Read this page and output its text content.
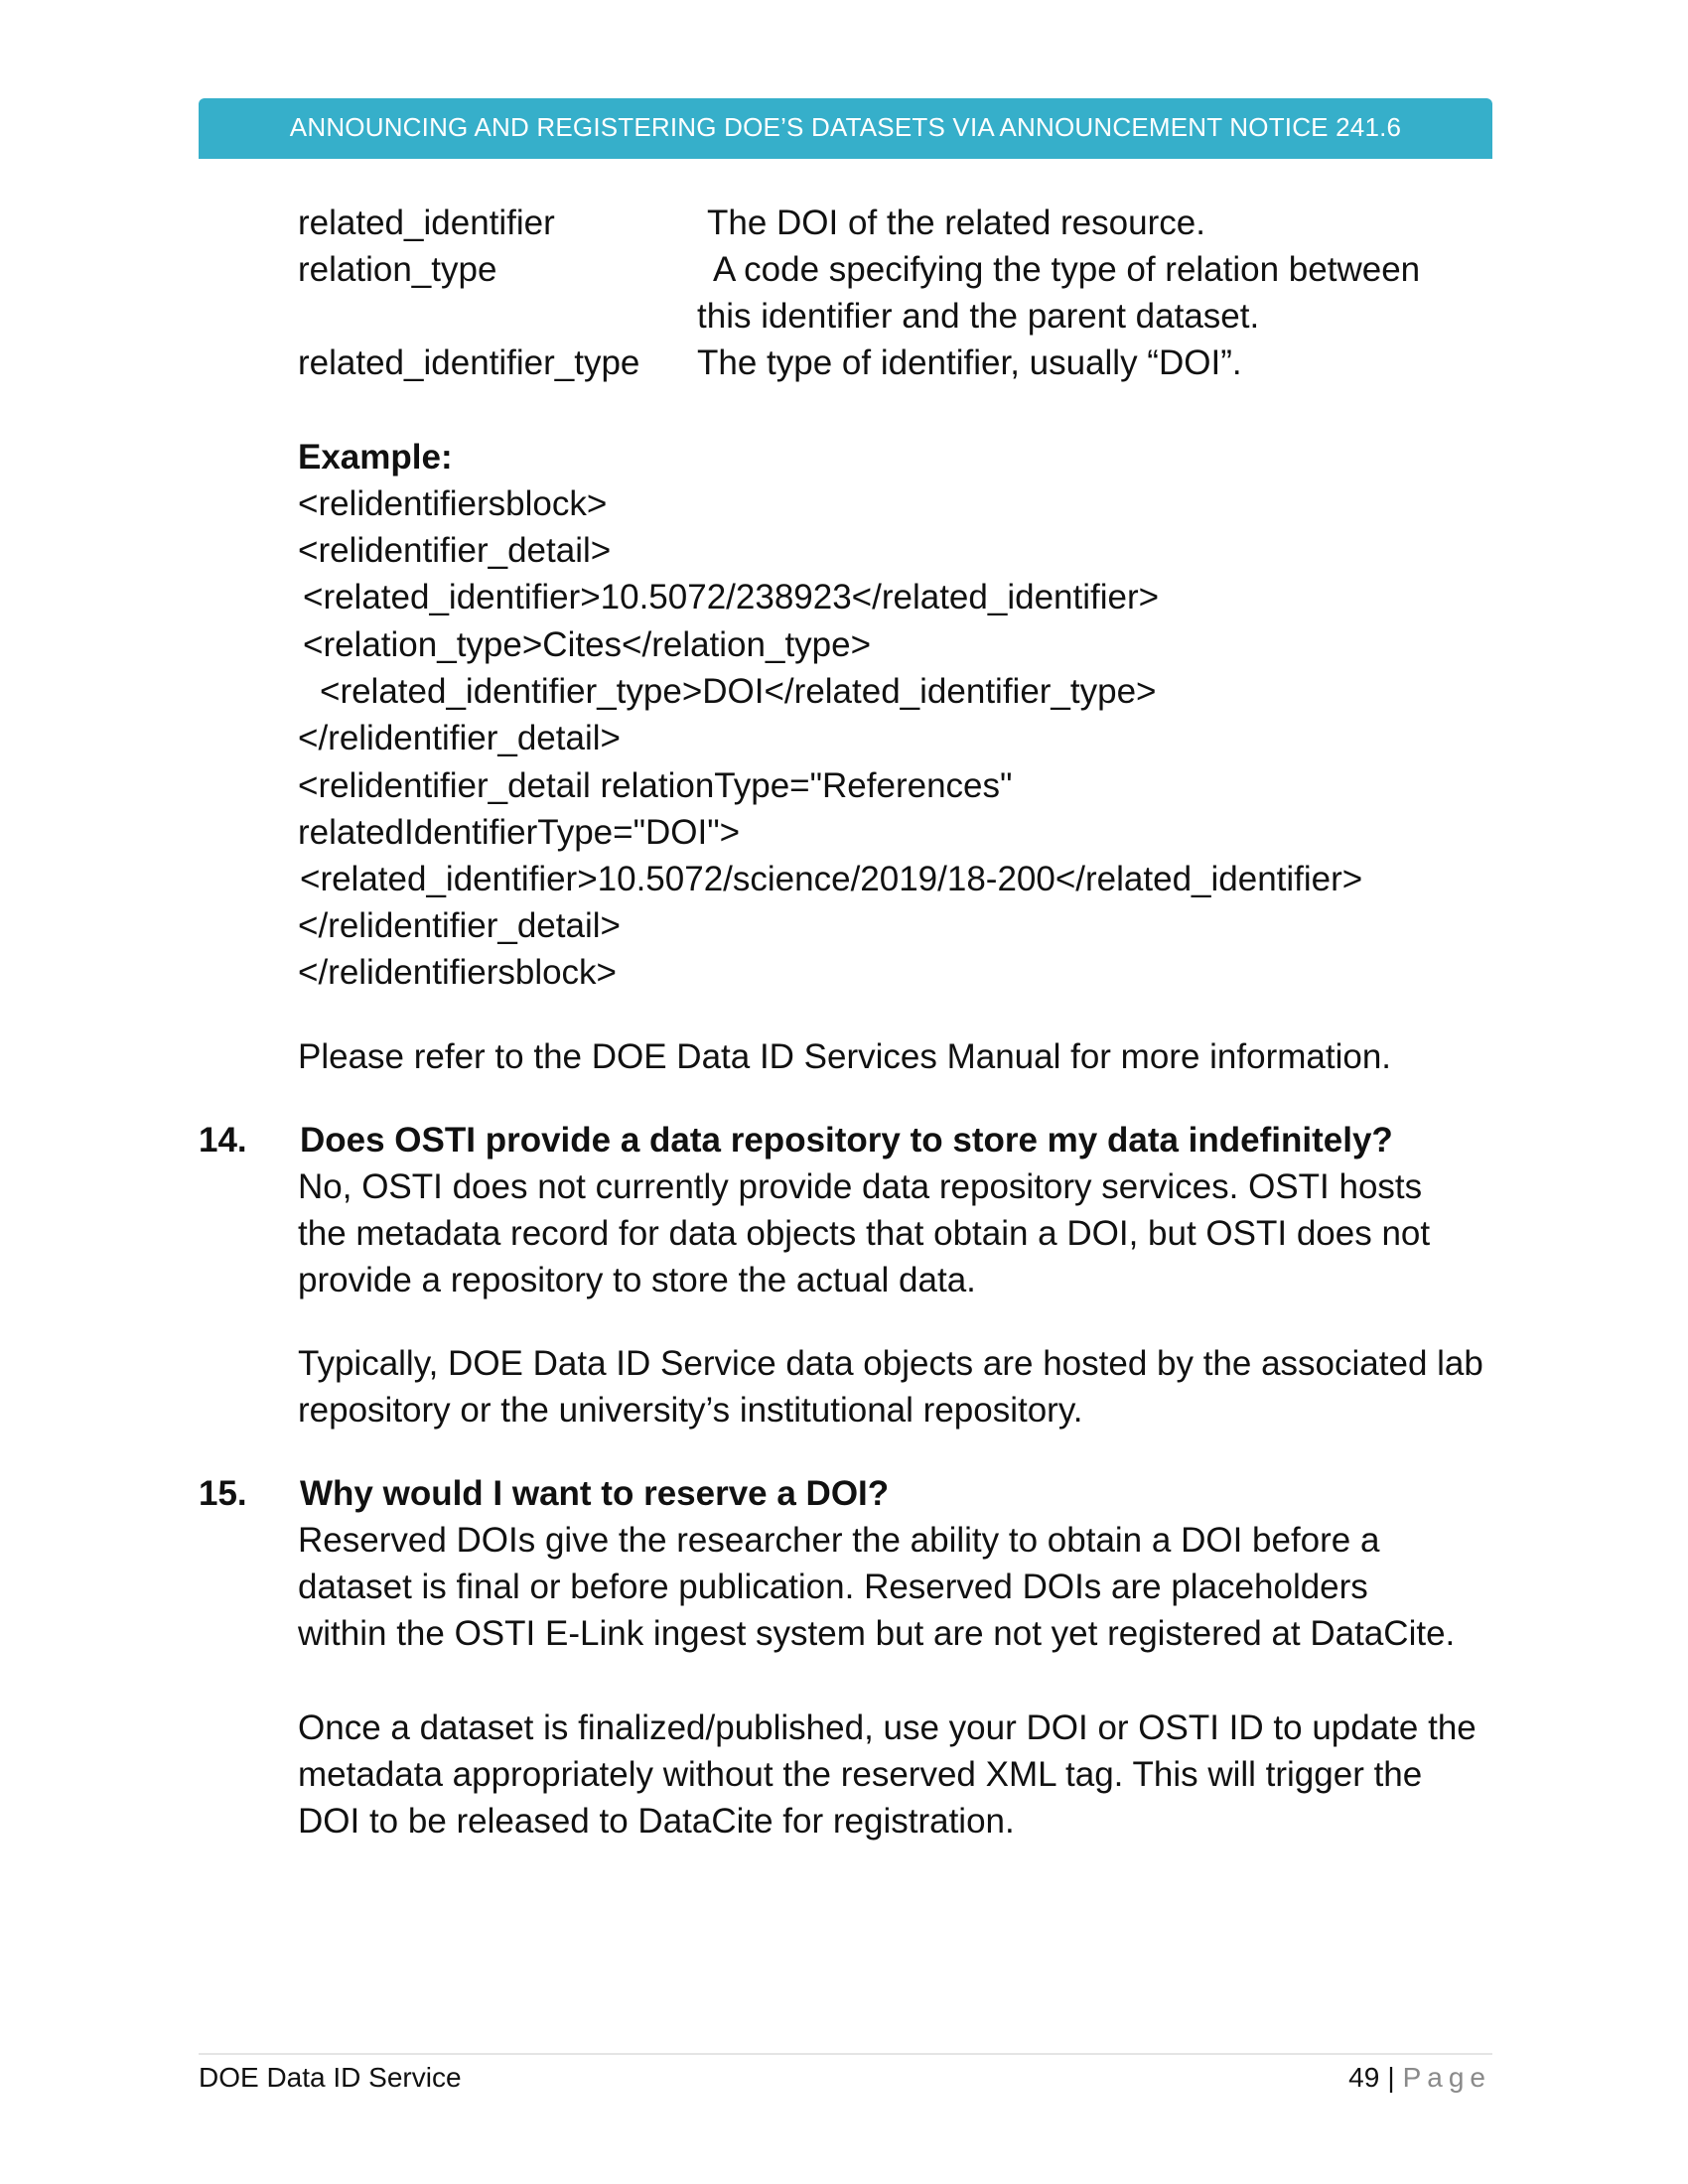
ANNOUNCING AND REGISTERING DOE’S DATASETS VIA ANNOUNCEMENT NOTICE 241.6
related_identifier	The DOI of the related resource.
relation_type	A code specifying the type of relation between
this identifier and the parent dataset.
related_identifier_type The type of identifier, usually “DOI”.
Example:
<relidentifiersblock>
<relidentifier_detail>
<related_identifier>10.5072/238923</related_identifier>
<relation_type>Cites</relation_type>
<related_identifier_type>DOI</related_identifier_type>
</relidentifier_detail>
<relidentifier_detail relationType="References"
relatedIdentifierType="DOI">
<related_identifier>10.5072/science/2019/18-200</related_identifier>
</relidentifier_detail>
</relidentifiersblock>
Please refer to the DOE Data ID Services Manual for more information.
14. Does OSTI provide a data repository to store my data indefinitely?
No, OSTI does not currently provide data repository services. OSTI hosts
the metadata record for data objects that obtain a DOI, but OSTI does not
provide a repository to store the actual data.
Typically, DOE Data ID Service data objects are hosted by the associated lab
repository or the university’s institutional repository.
15. Why would I want to reserve a DOI?
Reserved DOIs give the researcher the ability to obtain a DOI before a
dataset is final or before publication. Reserved DOIs are placeholders
within the OSTI E-Link ingest system but are not yet registered at DataCite.
Once a dataset is finalized/published, use your DOI or OSTI ID to update the
metadata appropriately without the reserved XML tag. This will trigger the
DOI to be released to DataCite for registration.
DOE Data ID Service	49 | Page
